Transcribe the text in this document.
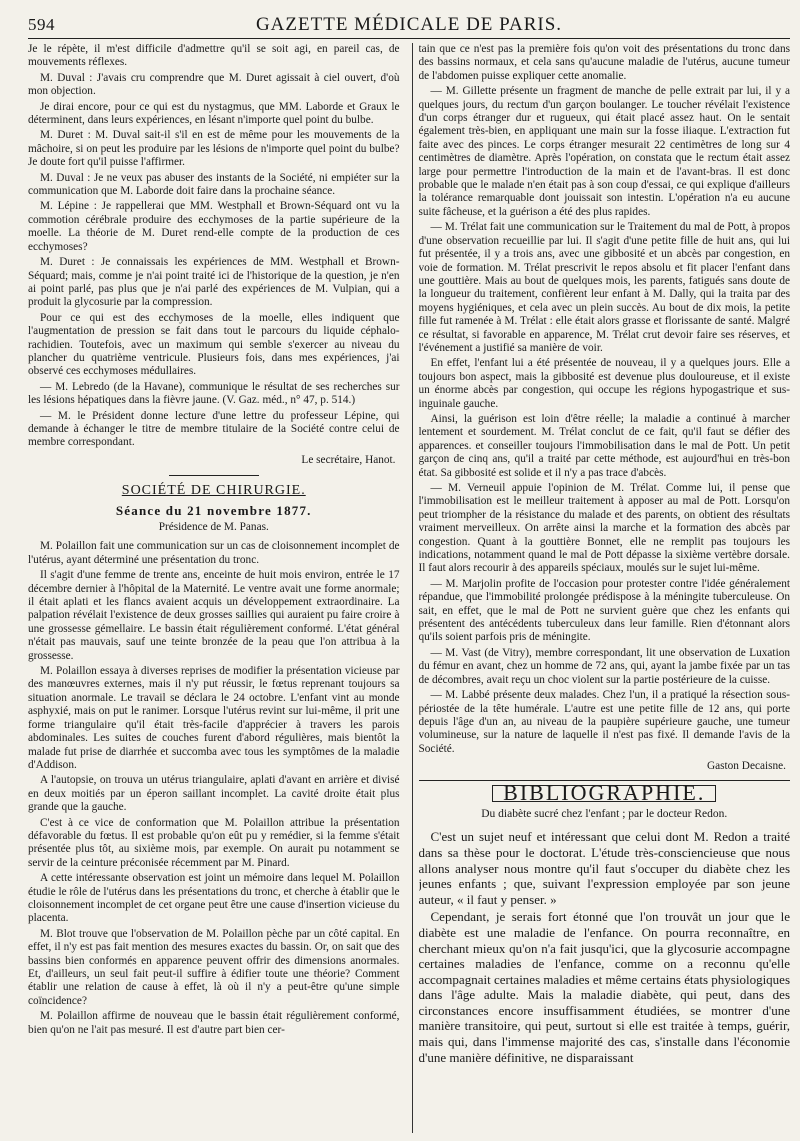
594	GAZETTE MÉDICALE DE PARIS.

Je le répète, il m'est difficile d'admettre qu'il se soit agi, en pareil cas, de mouvements réflexes.

M. Duval : J'avais cru comprendre que M. Duret agissait à ciel ouvert, d'où mon objection.

Je dirai encore, pour ce qui est du nystagmus, que MM. Laborde et Graux le déterminent, dans leurs expériences, en lésant n'importe quel point du bulbe.

M. Duret : M. Duval sait-il s'il en est de même pour les mouvements de la mâchoire, si on peut les produire par les lésions de n'importe quel point du bulbe? Je doute fort qu'il puisse l'affirmer.

M. Duval : Je ne veux pas abuser des instants de la Société, ni empiéter sur la communication que M. Laborde doit faire dans la prochaine séance.

M. Lépine : Je rappellerai que MM. Westphall et Brown-Séquard ont vu la commotion cérébrale produire des ecchymoses de la partie supérieure de la moelle. La théorie de M. Duret rend-elle compte de la production de ces ecchymoses?

M. Duret : Je connaissais les expériences de MM. Westphall et Brown-Séquard; mais, comme je n'ai point traité ici de l'historique de la question, je n'en ai point parlé, pas plus que je n'ai parlé des expériences de M. Vulpian, qui a produit la glycosurie par la compression.

Pour ce qui est des ecchymoses de la moelle, elles indiquent que l'augmentation de pression se fait dans tout le parcours du liquide céphalo-rachidien. Toutefois, avec un maximum qui semble s'exercer au niveau du plancher du quatrième ventricule. Plusieurs fois, dans mes expériences, j'ai observé ces ecchymoses médullaires.

— M. Lebredo (de la Havane), communique le résultat de ses recherches sur les lésions hépatiques dans la fièvre jaune. (V. Gaz. méd., n° 47, p. 514.)

— M. le Président donne lecture d'une lettre du professeur Lépine, qui demande à échanger le titre de membre titulaire de la Société contre celui de membre correspondant.

Le secrétaire, Hanot.
SOCIÉTÉ DE CHIRURGIE.
Séance du 21 novembre 1877.
Présidence de M. Panas.

M. Polaillon fait une communication sur un cas de cloisonnement incomplet de l'utérus, ayant déterminé une présentation du tronc.

Il s'agit d'une femme de trente ans, enceinte de huit mois environ, entrée le 17 décembre dernier à l'hôpital de la Maternité. Le ventre avait une forme anormale; il était aplati et les flancs avaient acquis un développement extraordinaire. La palpation révélait l'existence de deux grosses saillies qui auraient pu faire croire à une grossesse gémellaire. Le bassin était régulièrement conformé. L'état général n'était pas mauvais, sauf une teinte bronzée de la peau que l'on attribua à la grossesse.

M. Polaillon essaya à diverses reprises de modifier la présentation vicieuse par des manœuvres externes, mais il n'y put réussir, le fœtus reprenant toujours sa situation anormale. Le travail se déclara le 24 octobre. L'enfant vint au monde asphyxié, mais on put le ranimer. Lorsque l'utérus revint sur lui-même, il prit une forme triangulaire qu'il était très-facile d'apprécier à travers les parois abdominales. Les suites de couches furent d'abord régulières, mais bientôt la malade fut prise de diarrhée et succomba avec tous les symptômes de la maladie d'Addison.

A l'autopsie, on trouva un utérus triangulaire, aplati d'avant en arrière et divisé en deux moitiés par un éperon saillant incomplet. La cavité droite était plus grande que la gauche.

C'est à ce vice de conformation que M. Polaillon attribue la présentation défavorable du fœtus. Il est probable qu'on eût pu y remédier, si la femme s'était présentée plus tôt, au sixième mois, par exemple. On aurait pu notamment se servir de la ceinture préconisée récemment par M. Pinard.

A cette intéressante observation est joint un mémoire dans lequel M. Polaillon étudie le rôle de l'utérus dans les présentations du tronc, et cherche à établir que le cloisonnement incomplet de cet organe peut être une cause d'insertion vicieuse du placenta.

M. Blot trouve que l'observation de M. Polaillon pèche par un côté capital. En effet, il n'y est pas fait mention des mesures exactes du bassin. Or, on sait que des bassins bien conformés en apparence peuvent offrir des dimensions anormales. Et, d'ailleurs, un seul fait peut-il suffire à édifier toute une théorie? Comment établir une relation de cause à effet, là où il n'y a peut-être qu'une simple coïncidence?

M. Polaillon affirme de nouveau que le bassin était régulièrement conformé, bien qu'on ne l'ait pas mesuré. Il est d'autre part bien cer-

tain que ce n'est pas la première fois qu'on voit des présentations du tronc dans des bassins normaux, et cela sans qu'aucune maladie de l'utérus, aucune tumeur de l'abdomen puisse expliquer cette anomalie.

— M. Gillette présente un fragment de manche de pelle extrait par lui, il y a quelques jours, du rectum d'un garçon boulanger. Le toucher révélait l'existence d'un corps étranger dur et rugueux, qui était placé assez haut. On le sentait également très-bien, en appliquant une main sur la fosse iliaque. L'extraction fut faite avec des pinces. Le corps étranger mesurait 22 centimètres de long sur 4 centimètres de diamètre. Après l'opération, on constata que le rectum était assez large pour permettre l'introduction de la main et de l'avant-bras. Il est donc probable que le malade n'en était pas à son coup d'essai, ce qui explique d'ailleurs la tolérance remarquable dont jouissait son intestin. L'opération n'a eu aucune suite fâcheuse, et la guérison a été des plus rapides.

— M. Trélat fait une communication sur le Traitement du mal de Pott, à propos d'une observation recueillie par lui. Il s'agit d'une petite fille de huit ans, qui lui fut présentée, il y a trois ans, avec une gibbosité et un abcès par congestion, en voie de formation. M. Trélat prescrivit le repos absolu et fit placer l'enfant dans une gouttière. Mais au bout de quelques mois, les parents, fatigués sans doute de la longueur du traitement, confièrent leur enfant à M. Dally, qui la traita par des moyens hygiéniques, et cela avec un plein succès. Au bout de dix mois, la petite fille fut ramenée à M. Trélat : elle était alors grasse et florissante de santé. Malgré ce résultat, si favorable en apparence, M. Trélat crut devoir faire ses réserves, et l'événement a justifié sa manière de voir.

En effet, l'enfant lui a été présentée de nouveau, il y a quelques jours. Elle a toujours bon aspect, mais la gibbosité est devenue plus douloureuse, et il existe un énorme abcès par congestion, qui occupe les régions hypogastrique et sus-inguinale gauche.

Ainsi, la guérison est loin d'être réelle; la maladie a continué à marcher lentement et sourdement. M. Trélat conclut de ce fait, qu'il faut se défier des apparences. et conseiller toujours l'immobilisation dans le mal de Pott. Un petit garçon de cinq ans, qu'il a traité par cette méthode, est aujourd'hui en très-bon état. Sa gibbosité est solide et il n'y a pas trace d'abcès.

— M. Verneuil appuie l'opinion de M. Trélat. Comme lui, il pense que l'immobilisation est le meilleur traitement à apposer au mal de Pott. Lorsqu'on peut triompher de la résistance du malade et des parents, on obtient des résultats vraiment merveilleux. On arrête ainsi la marche et la formation des abcès par congestion. Quant à la gouttière Bonnet, elle ne remplit pas toujours les indications, notamment quand le mal de Pott dépasse la sixième vertèbre dorsale. Il faut alors recourir à des appareils spéciaux, moulés sur le sujet lui-même.

— M. Marjolin profite de l'occasion pour protester contre l'idée généralement répandue, que l'immobilité prolongée prédispose à la méningite tuberculeuse. On sait, en effet, que le mal de Pott ne survient guère que chez les enfants qui présentent des antécédents tuberculeux dans leur famille. Rien d'étonnant alors qu'ils soient parfois pris de méningite.

— M. Vast (de Vitry), membre correspondant, lit une observation de Luxation du fémur en avant, chez un homme de 72 ans, qui, ayant la jambe fixée par un tas de décombres, avait reçu un choc violent sur la partie postérieure de la cuisse.

— M. Labbé présente deux malades. Chez l'un, il a pratiqué la résection sous-périostée de la tête humérale. L'autre est une petite fille de 12 ans, qui porte depuis l'âge d'un an, au niveau de la paupière supérieure gauche, une tumeur volumineuse, sur la nature de laquelle il n'est pas fixé. Il demande l'avis de la Société.

Gaston Decaisne.
BIBLIOGRAPHIE.
Du diabète sucré chez l'enfant ; par le docteur Redon.

C'est un sujet neuf et intéressant que celui dont M. Redon a traité dans sa thèse pour le doctorat. L'étude très-consciencieuse que nous allons analyser nous montre qu'il faut s'occuper du diabète chez les jeunes enfants ; que, suivant l'expression employée par son jeune auteur, « il faut y penser. »

Cependant, je serais fort étonné que l'on trouvât un jour que le diabète est une maladie de l'enfance. On pourra reconnaître, en cherchant mieux qu'on n'a fait jusqu'ici, que la glycosurie accompagne certaines maladies de l'enfance, comme on a reconnu qu'elle accompagnait certaines maladies et même certains états physiologiques dans l'âge adulte. Mais la maladie diabète, qui peut, dans des circonstances encore insuffisamment étudiées, se montrer d'une manière transitoire, qui peut, surtout si elle est traitée à temps, guérir, mais qui, dans l'immense majorité des cas, s'installe dans l'économie d'une manière définitive, ne disparaissant
